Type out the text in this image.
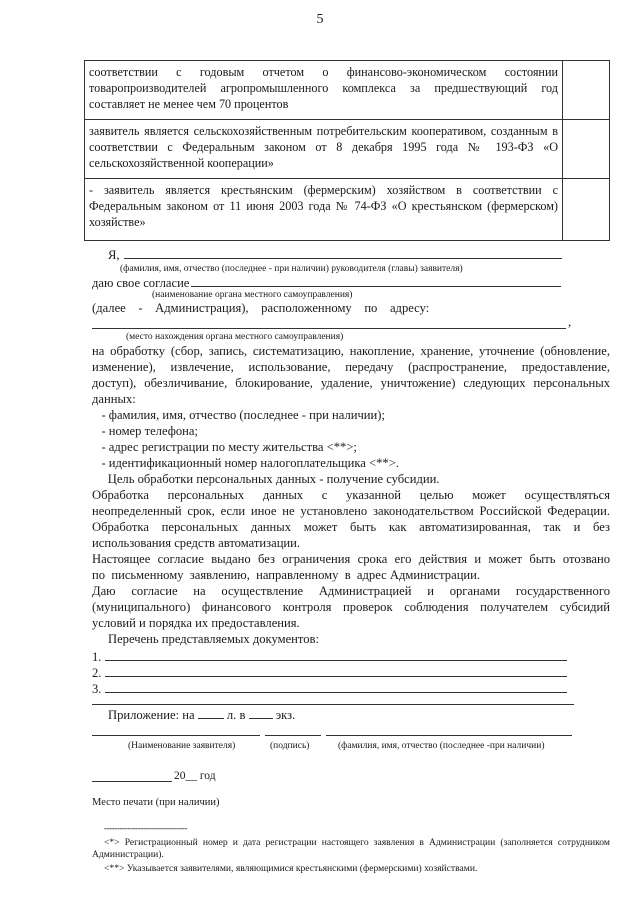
5
соответствии с годовым отчетом о финансово-экономическом состоянии товаропроизводителей агропромышленного комплекса за предшествующий год составляет не менее чем 70 процентов	
заявитель является сельскохозяйственным потребительским кооперативом, созданным в соответствии с Федеральным законом от 8 декабря 1995 года № 193-ФЗ «О сельскохозяйственной кооперации»	
- заявитель является крестьянским (фермерским) хозяйством в соответствии с Федеральным законом от 11 июня 2003 года № 74-ФЗ «О крестьянском (фермерском) хозяйстве»	
Я,
(фамилия, имя, отчество (последнее - при наличии) руководителя (главы) заявителя)
даю свое согласие
(наименование органа местного самоуправления)
(далее    -    Администрация),    расположенному    по    адресу:
,
(место нахождения органа местного самоуправления)
на обработку (сбор, запись, систематизацию, накопление, хранение, уточнение (обновление,
изменение), извлечение, использование, передачу (распространение, предоставление,
доступ), обезличивание, блокирование, удаление, уничтожение) следующих персональных
данных:
- фамилия, имя, отчество (последнее - при наличии);
- номер телефона;
- адрес регистрации по месту жительства <**>;
- идентификационный номер налогоплательщика <**>.
Цель обработки персональных данных - получение субсидии.
Обработка персональных данных с указанной целью может осуществляться
неопределенный срок, если иное не установлено законодательством Российской Федерации.
Обработка персональных данных может быть как автоматизированная, так и без
использования средств автоматизации.
Настоящее согласие выдано без ограничения срока его действия и может быть отозвано
по  письменному  заявлению,  направленному  в  адрес Администрации.
Даю согласие на осуществление Администрацией и органами государственного
(муниципального) финансового контроля проверок соблюдения получателем субсидий
условий и порядка их предоставления.
Перечень представляемых документов:
1.
2.
3.
Приложение: на	л. в экз.
(Наименование заявителя)	(подпись)	(фамилия, имя, отчество (последнее -при наличии)
20__ год
Место печати (при наличии)
--------------------------------
<*> Регистрационный номер и дата регистрации настоящего заявления в Администрации (заполняется сотрудником Администрации).
<**> Указывается заявителями, являющимися крестьянскими (фермерскими) хозяйствами.
